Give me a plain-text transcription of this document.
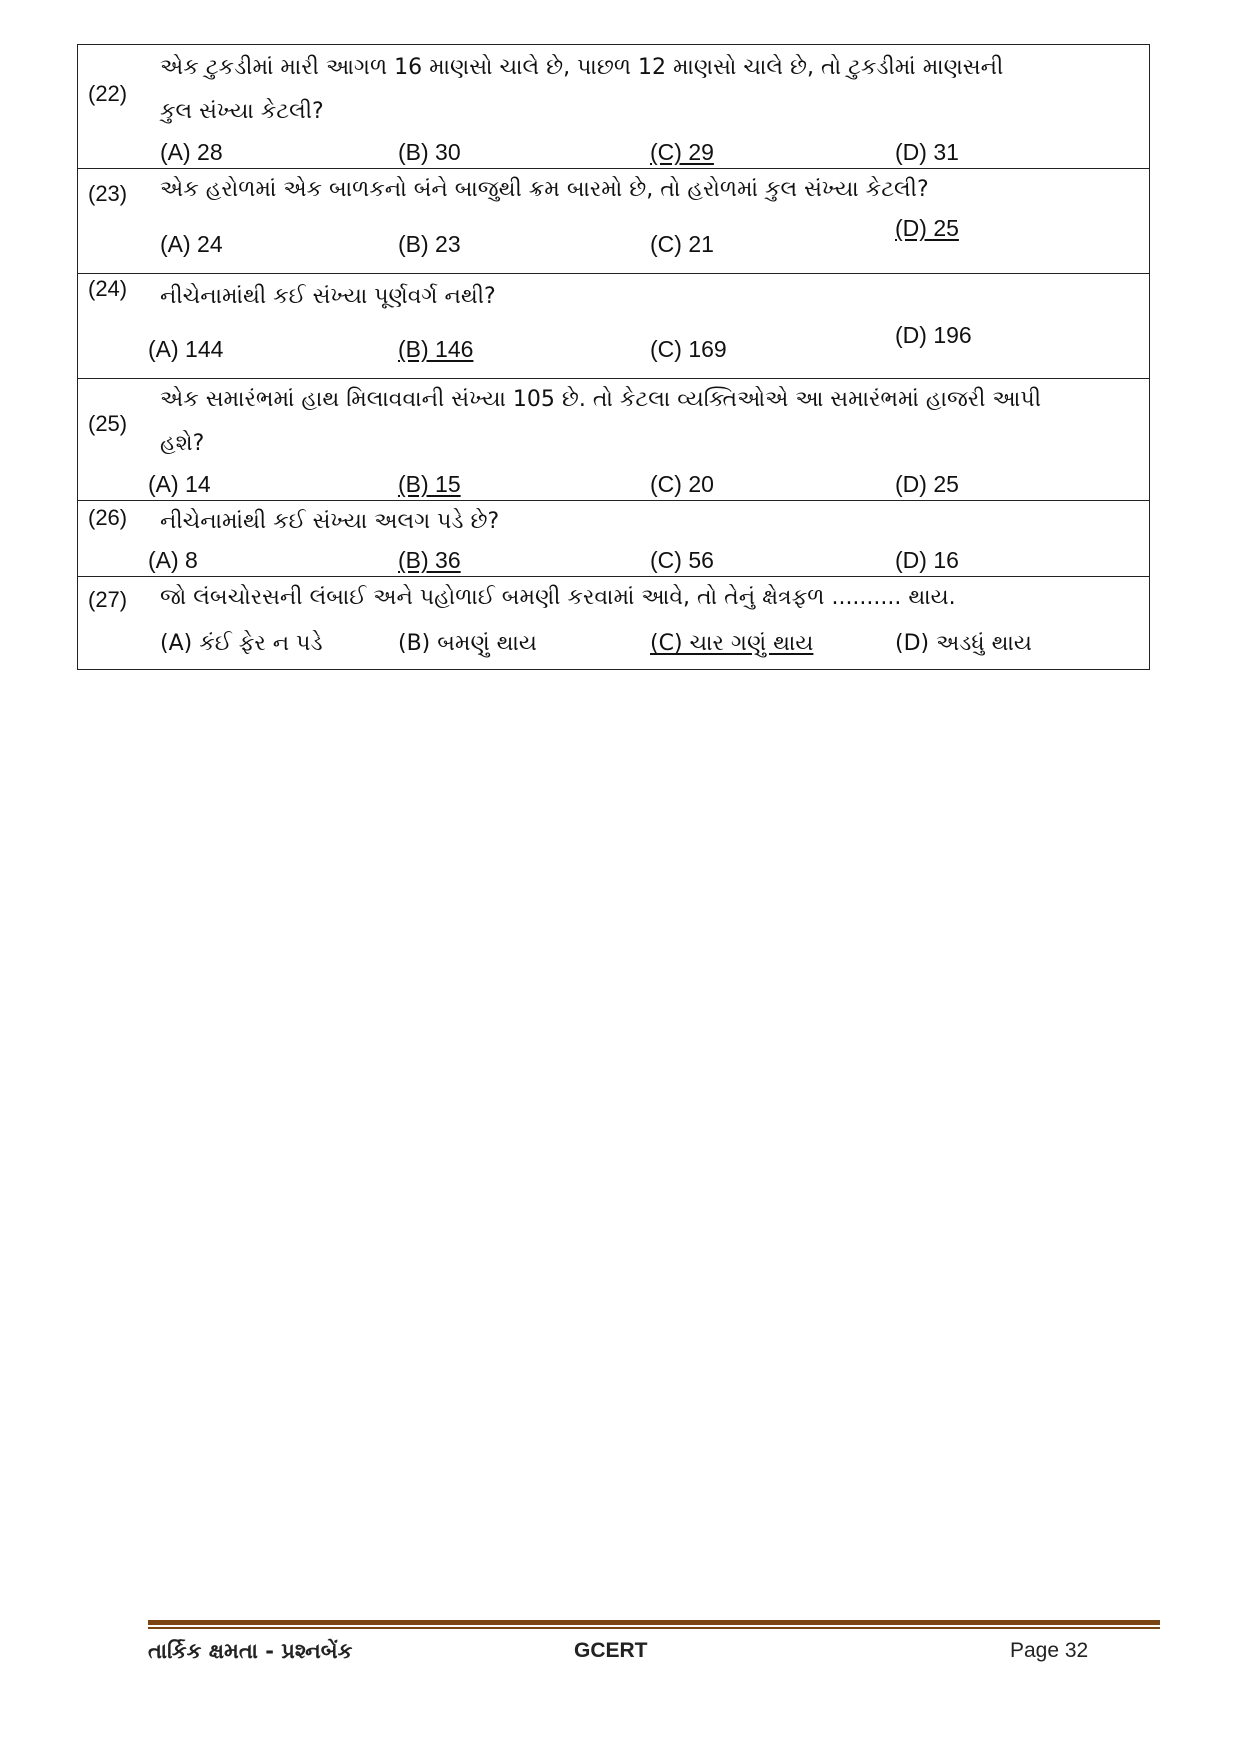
(22)
એક ટુકડીમાં મારી આગળ 16 માણસો ચાલે છે, પાછળ 12 માણસો ચાલે છે, તો ટુકડીમાં માણસની
કુલ સંખ્યા કેટલી?
(A) 28	(B) 30	(C) 29	(D) 31
(23) એક હરોળમાં એક બાળકનો બંને બાજુથી ક્રમ બારમો છે, તો હરોળમાં કુલ સંખ્યા કેટલી?
(A) 24	(B) 23	(C) 21
(D) 25
(24) નીચેનામાંથી કઈ સંખ્યા પૂર્ણવર્ગ નથી?
(A) 144	(B) 146	(C) 169
(D) 196
(25)
એક સમારંભમાં હાથ મિલાવવાની સંખ્યા 105 છે. તો કેટલા વ્યક્તિઓએ આ સમારંભમાં હાજરી આપી
હશે?
(A) 14	(B) 15	(C) 20	(D) 25
(26) નીચેનામાંથી કઈ સંખ્યા અલગ પડે છે?
(A) 8	(B) 36	(C) 56	(D) 16
(27) જો લંબચોરસની લંબાઈ અને પહોળાઈ બમણી કરવામાં આવે, તો તેનું ક્ષેત્રફળ .......... થાય.
(A) કંઈ ફેર ન પડે	(B) બમણું થાય	(C) ચાર ગણું થાય	(D) અડધું થાય
તાર્કિક ક્ષમતા - પ્રશ્નબેંક	GCERT	Page 32
